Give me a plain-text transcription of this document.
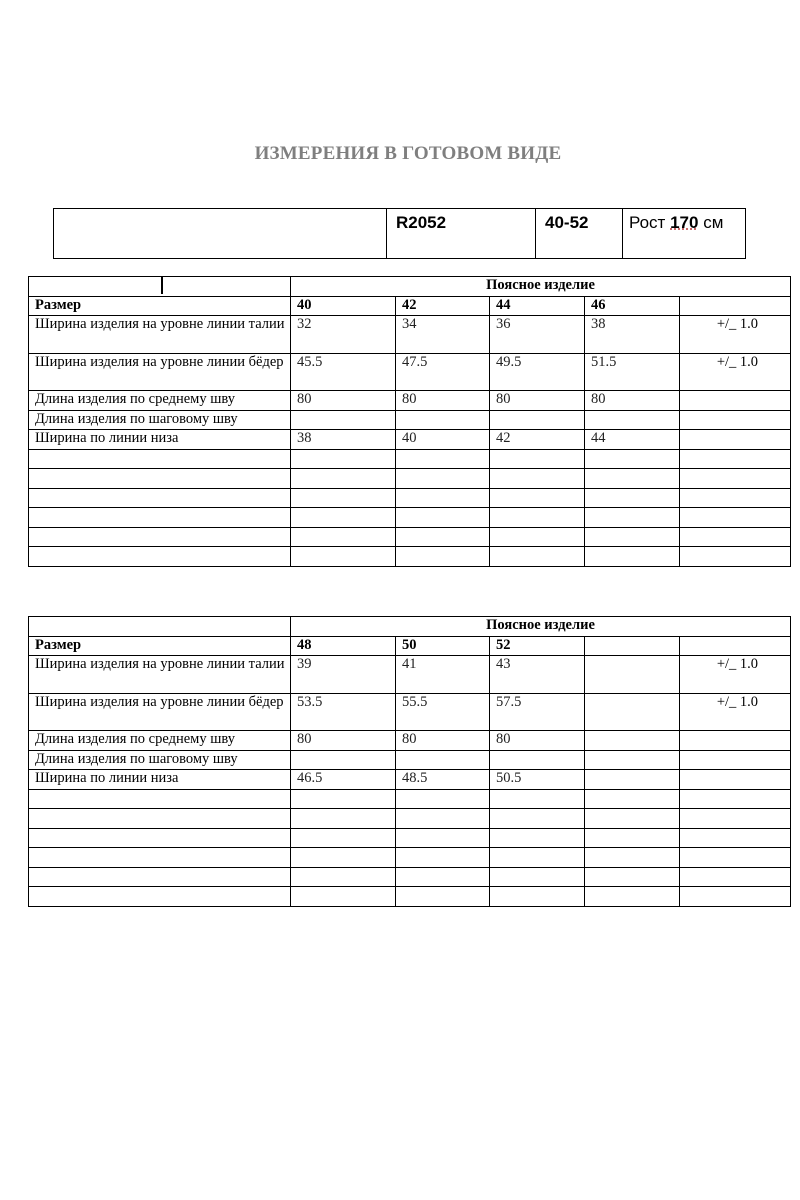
ИЗМЕРЕНИЯ В ГОТОВОМ ВИДЕ
R2052	40-52	Рост 170 см
	Поясное изделие				
Размер	40	42	44	46	
Ширина изделия на уровне линии талии	32	34	36	38	+/_ 1.0
Ширина изделия на уровне линии бёдер	45.5	47.5	49.5	51.5	+/_ 1.0
Длина изделия по среднему шву	80	80	80	80	
Длина изделия по шаговому шву					
Ширина по линии низа	38	40	42	44	

	Поясное изделие				
Размер	48	50	52		
Ширина изделия на уровне линии талии	39	41	43		+/_ 1.0
Ширина изделия на уровне линии бёдер	53.5	55.5	57.5		+/_ 1.0
Длина изделия по среднему шву	80	80	80		
Длина изделия по шаговому шву					
Ширина по линии низа	46.5	48.5	50.5		
